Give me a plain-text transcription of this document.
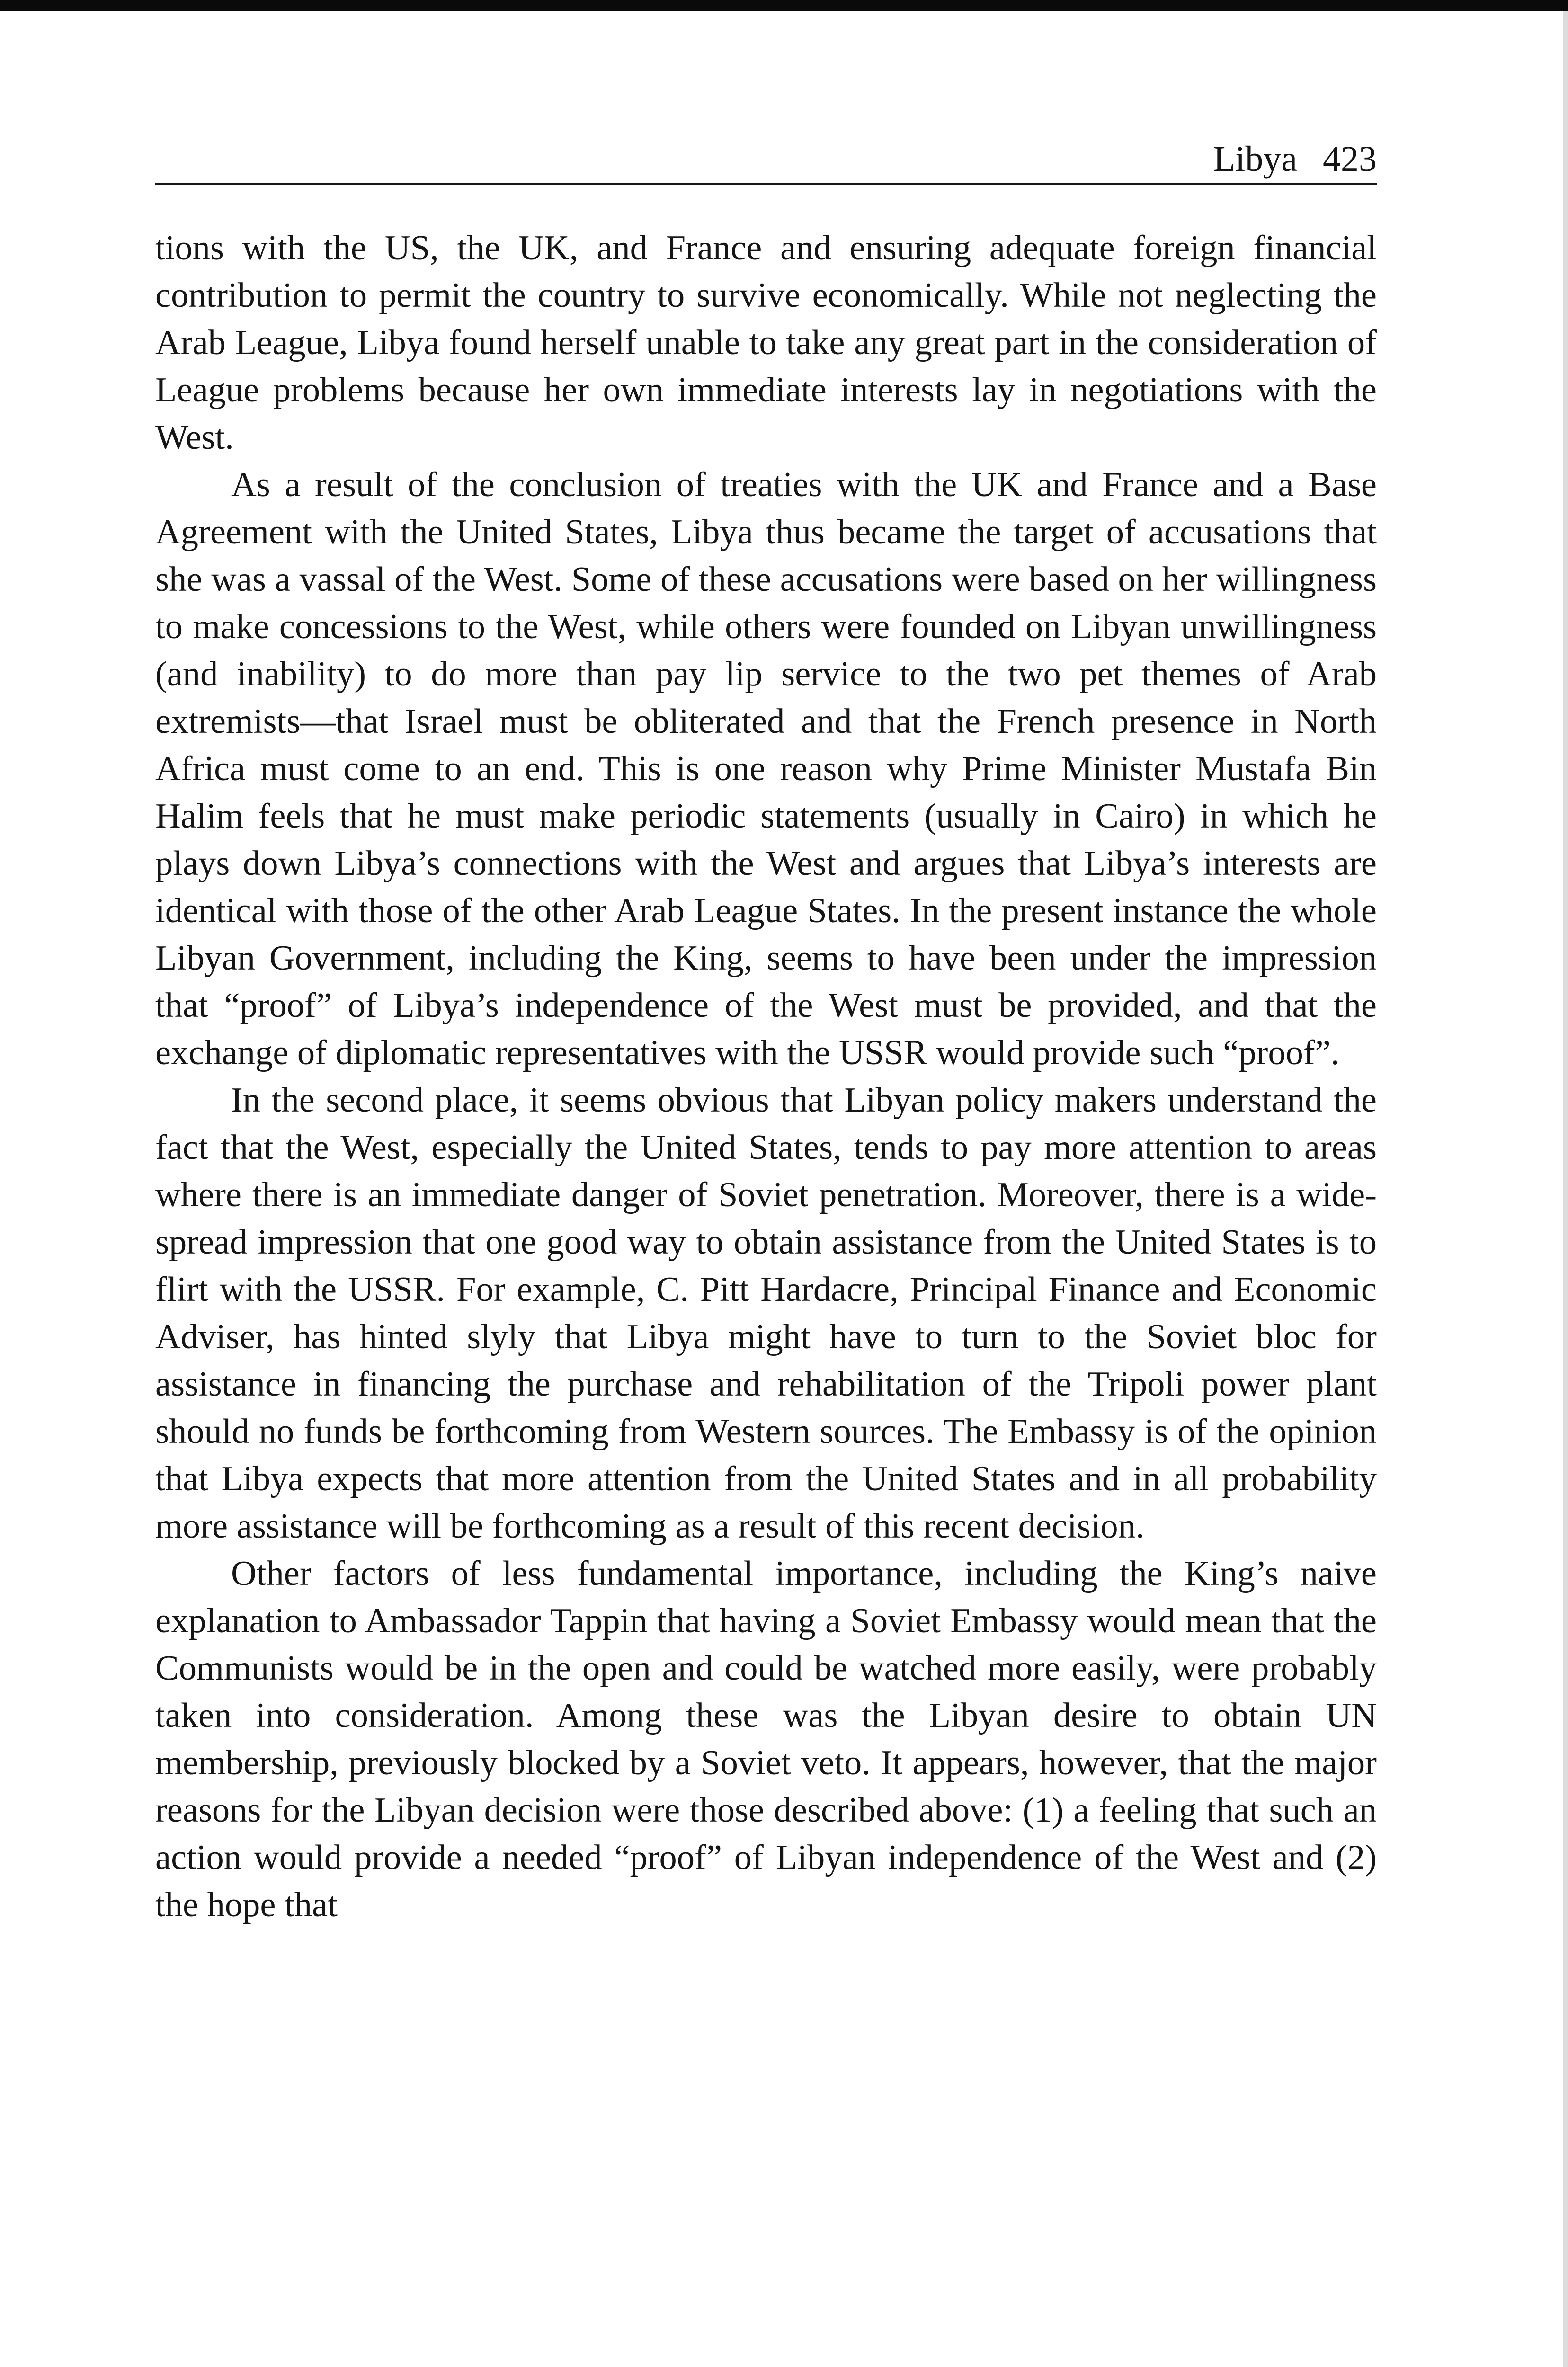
Libya 423

tions with the US, the UK, and France and ensuring adequate foreign financial contribution to permit the country to survive economically. While not neglecting the Arab League, Libya found herself unable to take any great part in the consideration of League problems because her own immediate interests lay in negotiations with the West.

As a result of the conclusion of treaties with the UK and France and a Base Agreement with the United States, Libya thus became the target of accusations that she was a vassal of the West. Some of these accusations were based on her willingness to make concessions to the West, while others were founded on Libyan unwillingness (and inability) to do more than pay lip service to the two pet themes of Arab extremists—that Israel must be obliterated and that the French presence in North Africa must come to an end. This is one reason why Prime Minister Mustafa Bin Halim feels that he must make periodic statements (usually in Cairo) in which he plays down Libya’s connections with the West and argues that Libya’s interests are identical with those of the other Arab League States. In the present instance the whole Libyan Government, including the King, seems to have been under the impression that “proof” of Libya’s independence of the West must be provided, and that the exchange of diplomatic representatives with the USSR would provide such “proof”.

In the second place, it seems obvious that Libyan policy makers understand the fact that the West, especially the United States, tends to pay more attention to areas where there is an immediate danger of Soviet penetration. Moreover, there is a wide-spread impression that one good way to obtain assistance from the United States is to flirt with the USSR. For example, C. Pitt Hardacre, Principal Finance and Economic Adviser, has hinted slyly that Libya might have to turn to the Soviet bloc for assistance in financing the purchase and rehabilitation of the Tripoli power plant should no funds be forthcoming from Western sources. The Embassy is of the opinion that Libya expects that more attention from the United States and in all probability more assistance will be forthcoming as a result of this recent decision.

Other factors of less fundamental importance, including the King’s naive explanation to Ambassador Tappin that having a Soviet Embassy would mean that the Communists would be in the open and could be watched more easily, were probably taken into consideration. Among these was the Libyan desire to obtain UN membership, previously blocked by a Soviet veto. It appears, however, that the major reasons for the Libyan decision were those described above: (1) a feeling that such an action would provide a needed “proof” of Libyan independence of the West and (2) the hope that
